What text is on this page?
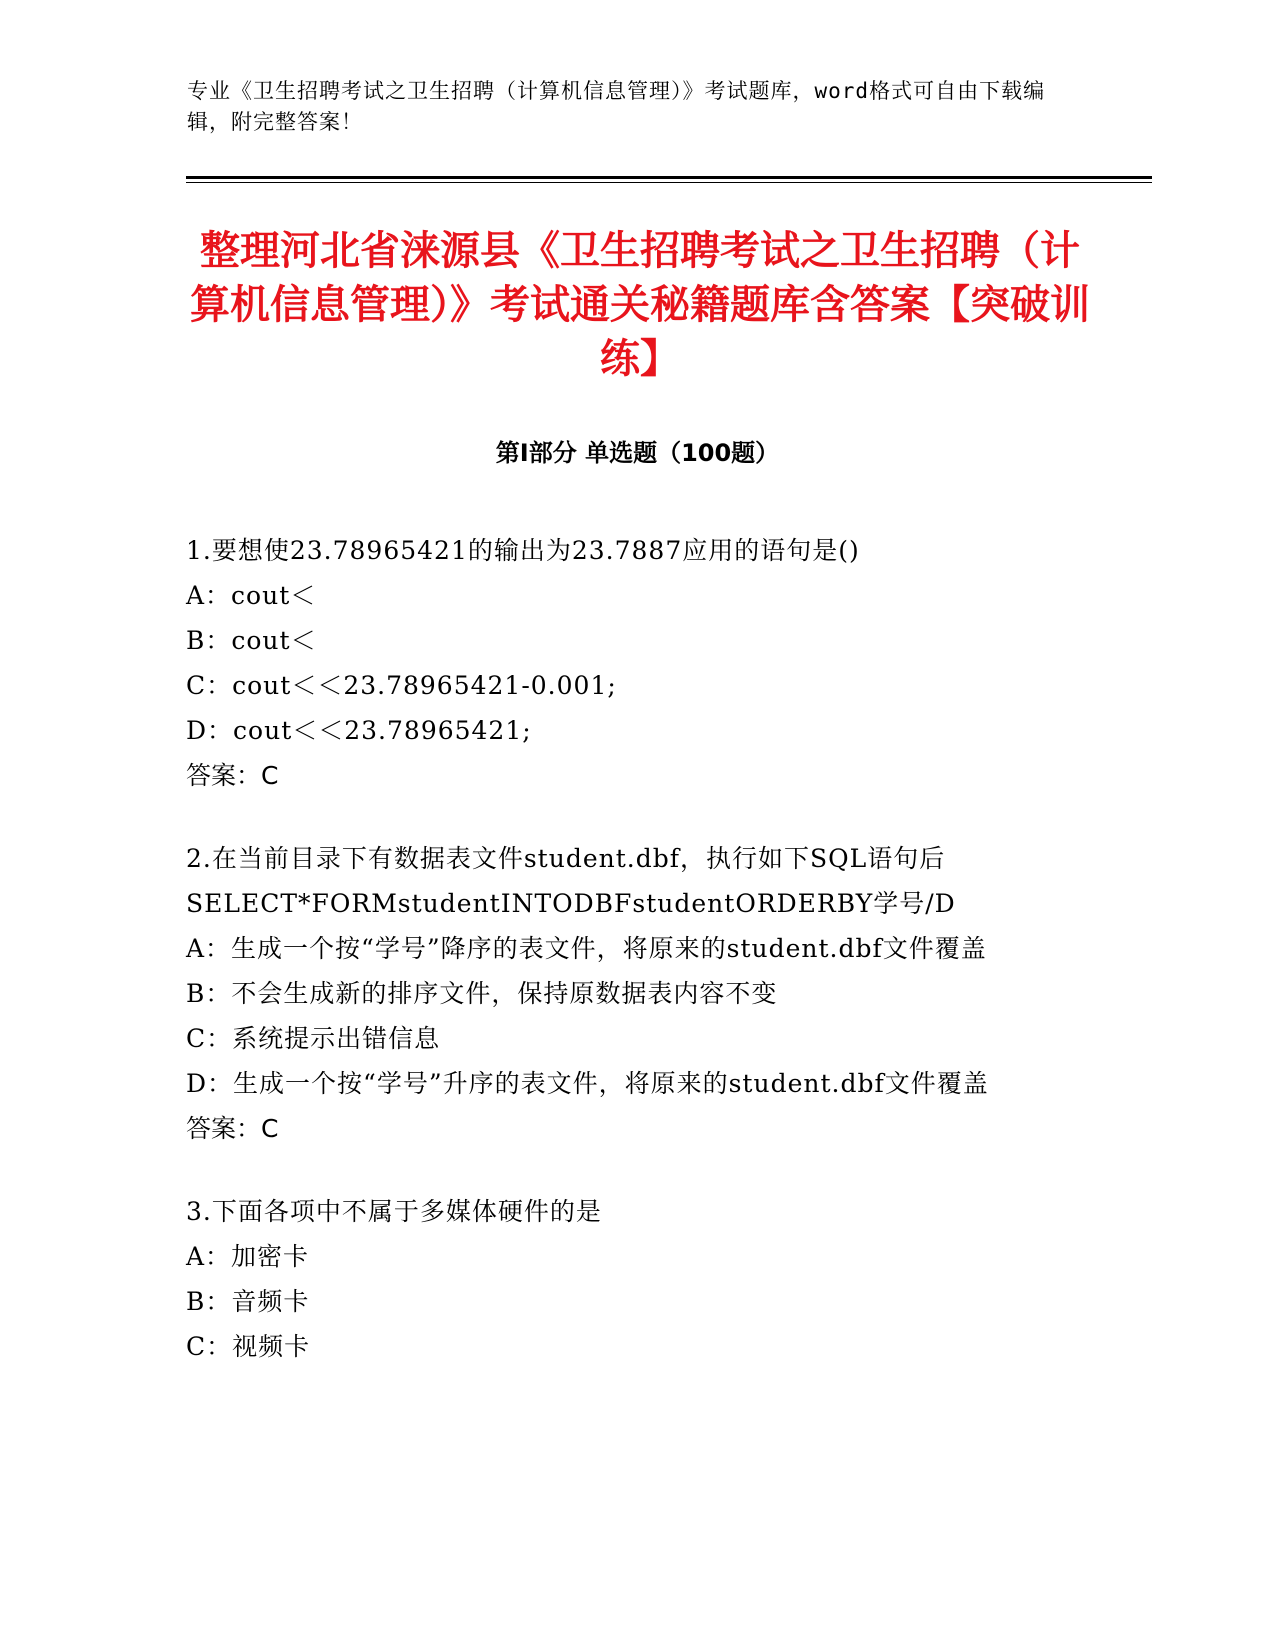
专业《卫生招聘考试之卫生招聘（计算机信息管理）》考试题库，word格式可自由下载编辑，附完整答案！
整理河北省涞源县《卫生招聘考试之卫生招聘（计算机信息管理）》考试通关秘籍题库含答案【突破训练】
第Ⅰ部分 单选题（100题）
1.要想使23.78965421的输出为23.7887应用的语句是()
A：cout＜
B：cout＜
C：cout＜＜23.78965421-0.001;
D：cout＜＜23.78965421;
答案：C
2.在当前目录下有数据表文件student.dbf，执行如下SQL语句后SELECT*FORMstudentINTODBFstudentORDERBY学号/D
A：生成一个按“学号”降序的表文件，将原来的student.dbf文件覆盖
B：不会生成新的排序文件，保持原数据表内容不变
C：系统提示出错信息
D：生成一个按“学号”升序的表文件，将原来的student.dbf文件覆盖
答案：C
3.下面各项中不属于多媒体硬件的是
A：加密卡
B：音频卡
C：视频卡
